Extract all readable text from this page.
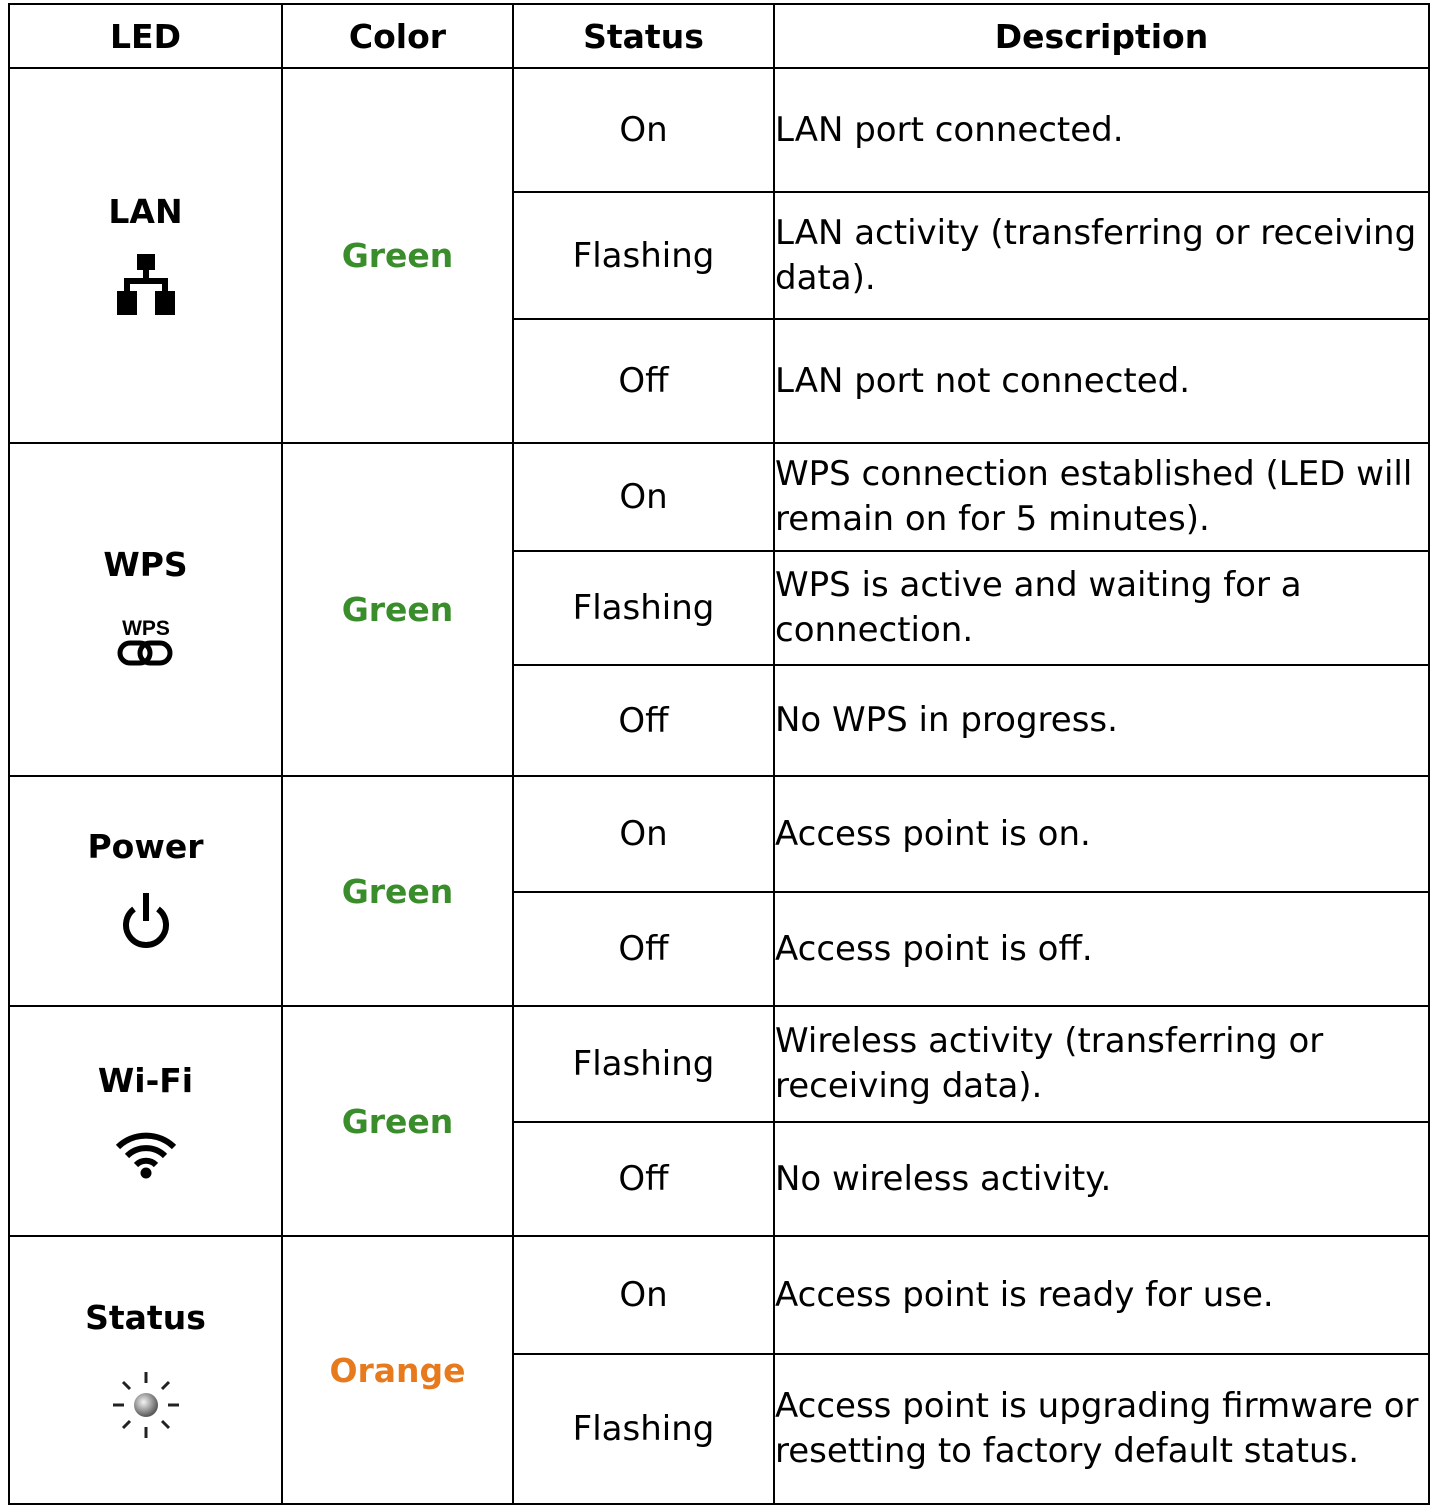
LED	Color	Status	Description

LAN	Green	On	LAN port connected.
		Flashing	LAN activity (transferring or receiving data).
		Off	LAN port not connected.

WPS
WPS	Green	On	WPS connection established (LED will remain on for 5 minutes).
		Flashing	WPS is active and waiting for a connection.
		Off	No WPS in progress.

Power	Green	On	Access point is on.
		Off	Access point is off.

Wi-Fi	Green	Flashing	Wireless activity (transferring or receiving data).
		Off	No wireless activity.

Status	Orange	On	Access point is ready for use.
		Flashing	Access point is upgrading firmware or resetting to factory default status.
